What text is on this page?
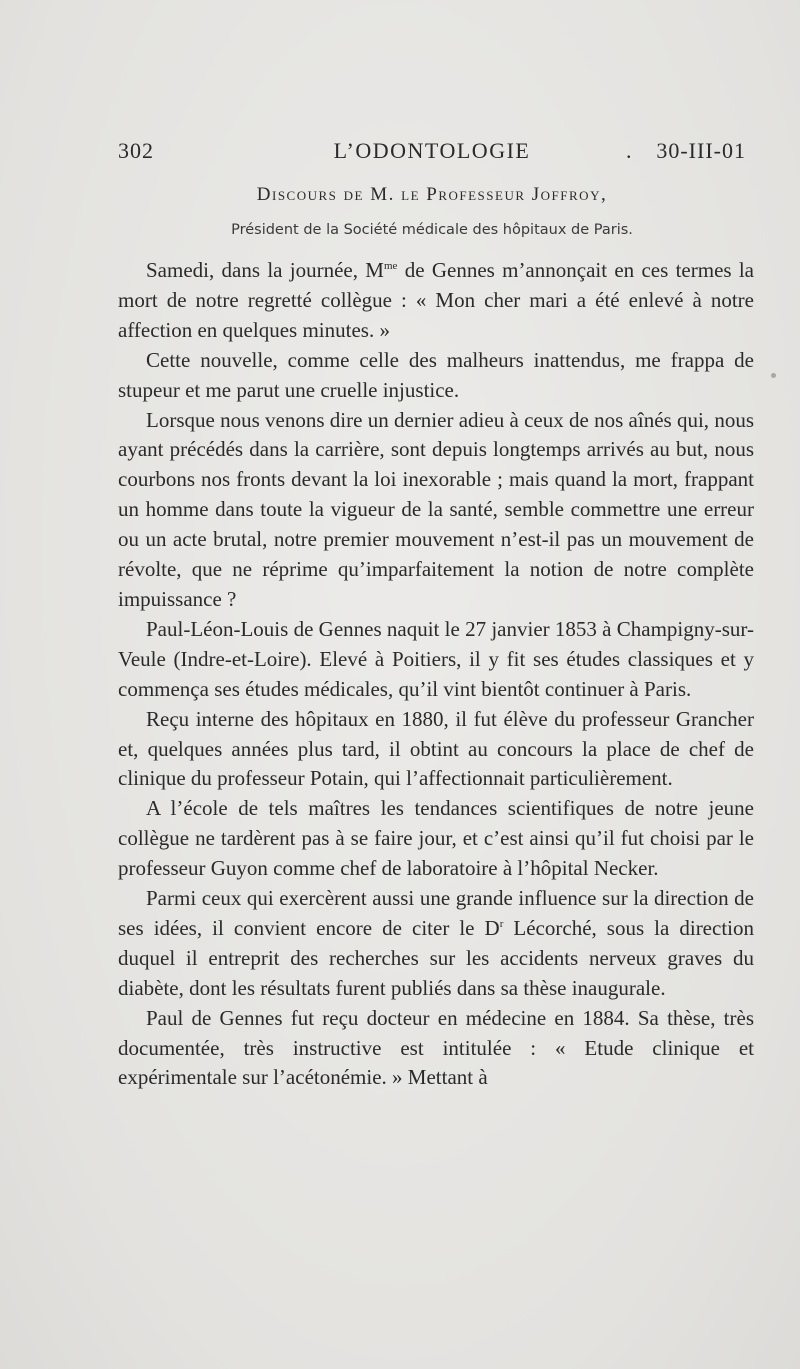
302	L’ODONTOLOGIE	. 30-III-01
Discours de M. le Professeur Joffroy,
Président de la Société médicale des hôpitaux de Paris.

Samedi, dans la journée, $M^{me}$ de Gennes m’annonçait en ces termes la mort de notre regretté collègue : « Mon cher mari a été enlevé à notre affection en quelques minutes. »

Cette nouvelle, comme celle des malheurs inattendus, me frappa de stupeur et me parut une cruelle injustice.

Lorsque nous venons dire un dernier adieu à ceux de nos aînés qui, nous ayant précédés dans la carrière, sont depuis longtemps arrivés au but, nous courbons nos fronts devant la loi inexorable ; mais quand la mort, frappant un homme dans toute la vigueur de la santé, semble commettre une erreur ou un acte brutal, notre premier mouvement n’est-il pas un mouvement de révolte, que ne réprime qu’imparfaitement la notion de notre complète impuissance ?

Paul-Léon-Louis de Gennes naquit le 27 janvier 1853 à Champigny-sur-Veule (Indre-et-Loire). Elevé à Poitiers, il y fit ses études classiques et y commença ses études médicales, qu’il vint bientôt continuer à Paris.

Reçu interne des hôpitaux en 1880, il fut élève du professeur Grancher et, quelques années plus tard, il obtint au concours la place de chef de clinique du professeur Potain, qui l’affectionnait particulièrement.

A l’école de tels maîtres les tendances scientifiques de notre jeune collègue ne tardèrent pas à se faire jour, et c’est ainsi qu’il fut choisi par le professeur Guyon comme chef de laboratoire à l’hôpital Necker.

Parmi ceux qui exercèrent aussi une grande influence sur la direction de ses idées, il convient encore de citer le $D^r$ Lécorché, sous la direction duquel il entreprit des recherches sur les accidents nerveux graves du diabète, dont les résultats furent publiés dans sa thèse inaugurale.

Paul de Gennes fut reçu docteur en médecine en 1884. Sa thèse, très documentée, très instructive est intitulée : « Etude clinique et expérimentale sur l’acétonémie. » Mettant à
